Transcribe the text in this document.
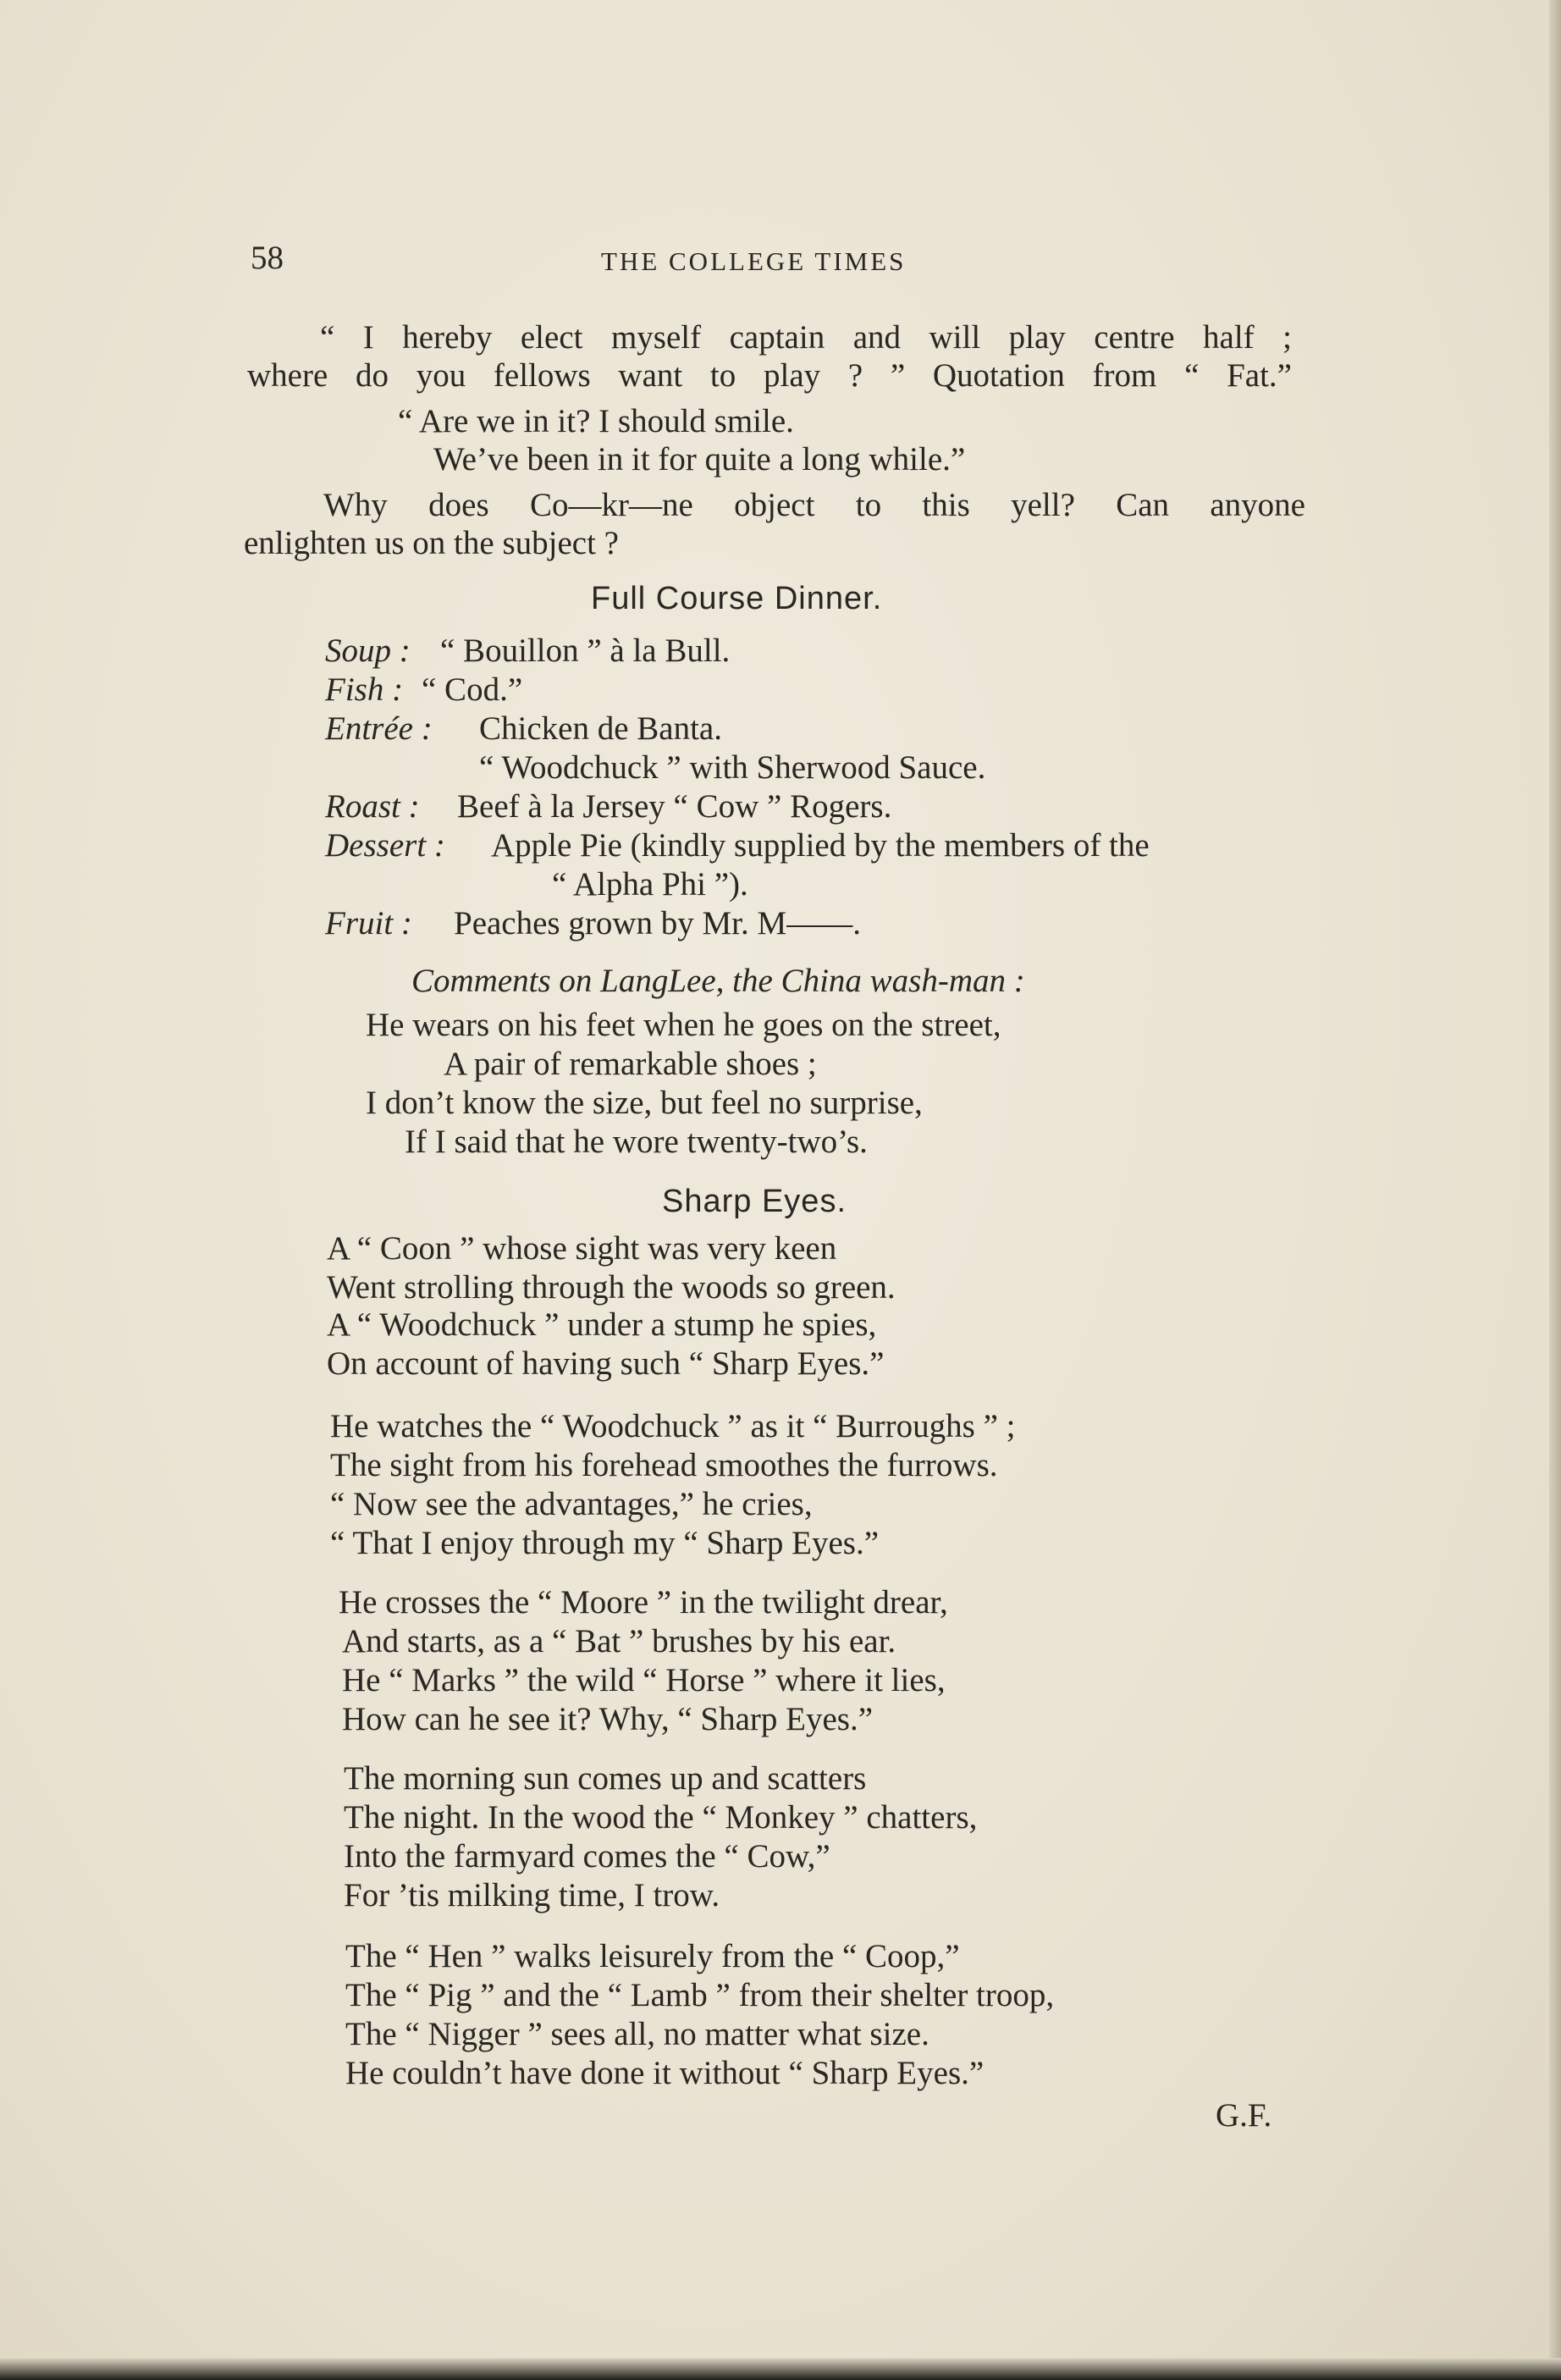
58	THE COLLEGE TIMES
“ I hereby elect myself captain and will play centre half ;
where do you fellows want to play ? ” Quotation from “ Fat.”
“ Are we in it? I should smile.
We’ve been in it for quite a long while.”
Why does Co—kr—ne object to this yell? Can anyone
enlighten us on the subject ?
Full Course Dinner.
Soup : “ Bouillon ” à la Bull.
Fish : “ Cod.”
Entrée : Chicken de Banta.
“ Woodchuck ” with Sherwood Sauce.
Roast : Beef à la Jersey “ Cow ” Rogers.
Dessert : Apple Pie (kindly supplied by the members of the
“ Alpha Phi ”).
Fruit : Peaches grown by Mr. M——.
Comments on LangLee, the China wash-man :
He wears on his feet when he goes on the street,
A pair of remarkable shoes ;
I don’t know the size, but feel no surprise,
If I said that he wore twenty-two’s.
Sharp Eyes.
A “ Coon ” whose sight was very keen
Went strolling through the woods so green.
A “ Woodchuck ” under a stump he spies,
On account of having such “ Sharp Eyes.”
He watches the “ Woodchuck ” as it “ Burroughs ” ;
The sight from his forehead smoothes the furrows.
“ Now see the advantages,” he cries,
“ That I enjoy through my “ Sharp Eyes.”
He crosses the “ Moore ” in the twilight drear,
And starts, as a “ Bat ” brushes by his ear.
He “ Marks ” the wild “ Horse ” where it lies,
How can he see it? Why, “ Sharp Eyes.”
The morning sun comes up and scatters
The night. In the wood the “ Monkey ” chatters,
Into the farmyard comes the “ Cow,”
For ’tis milking time, I trow.
The “ Hen ” walks leisurely from the “ Coop,”
The “ Pig ” and the “ Lamb ” from their shelter troop,
The “ Nigger ” sees all, no matter what size.
He couldn’t have done it without “ Sharp Eyes.”
G.F.
